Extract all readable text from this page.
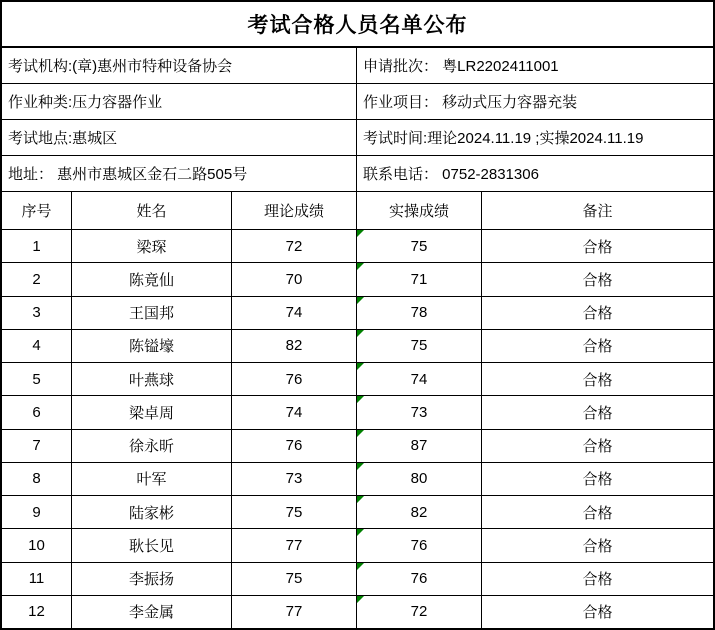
考试合格人员名单公布
考试机构:(章)惠州市特种设备协会	申请批次： 粤LR2202411001
作业种类:压力容器作业	作业项目： 移动式压力容器充装
考试地点:惠城区	考试时间:理论2024.11.19 ;实操2024.11.19
地址： 惠州市惠城区金石二路505号	联系电话： 0752-2831306
序号	姓名	理论成绩	实操成绩	备注
1	梁琛	72	75	合格
2	陈竟仙	70	71	合格
3	王国邦	74	78	合格
4	陈镒壕	82	75	合格
5	叶燕球	76	74	合格
6	梁卓周	74	73	合格
7	徐永昕	76	87	合格
8	叶军	73	80	合格
9	陆家彬	75	82	合格
10	耿长见	77	76	合格
11	李振扬	75	76	合格
12	李金属	77	72	合格
